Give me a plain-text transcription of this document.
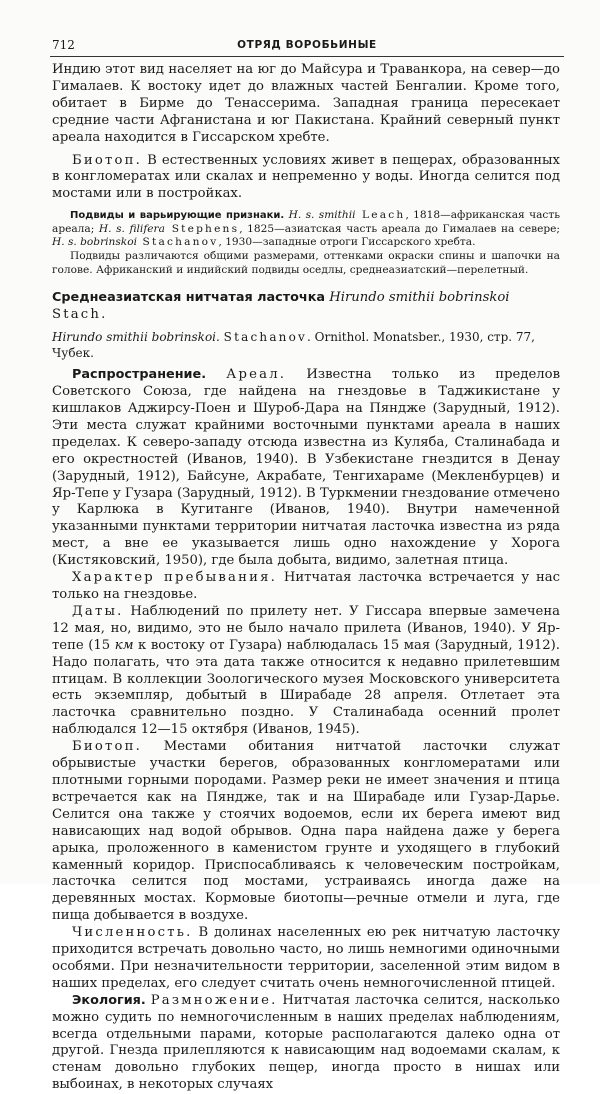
712	ОТРЯД ВОРОБЬИНЫЕ

Индию этот вид населяет на юг до Майсура и Траванкора, на север—до Гималаев. К востоку идет до влажных частей Бенгалии. Кроме того, обитает в Бирме до Тенассерима. Западная граница пересекает средние части Афганистана и юг Пакистана. Крайний северный пункт ареала находится в Гиссарском хребте.

Биотоп. В естественных условиях живет в пещерах, образованных в конгломератах или скалах и непременно у воды. Иногда селится под мостами или в постройках.

Подвиды и варьирующие признаки. H. s. smithii Leach, 1818—африканская часть ареала; H. s. filifera Stephens, 1825—азиатская часть ареала до Гималаев на севере; H. s. bobrinskoi Stachanov, 1930—западные отроги Гиссарского хребта.

Подвиды различаются общими размерами, оттенками окраски спины и шапочки на голове. Африканский и индийский подвиды оседлы, среднеазиатский—перелетный.

Среднеазиатская нитчатая ласточка Hirundo smithii bobrinskoi Stach.

Hirundo smithii bobrinskoi. Stachanov. Ornithol. Monatsber., 1930, стр. 77, Чубек.

Распространение. Ареал. Известна только из пределов Советского Союза, где найдена на гнездовье в Таджикистане у кишлаков Аджирсу-Поен и Шуроб-Дара на Пяндже (Зарудный, 1912). Эти места служат крайними восточными пунктами ареала в наших пределах. К северо-западу отсюда известна из Куляба, Сталинабада и его окрестностей (Иванов, 1940). В Узбекистане гнездится в Денау (Зарудный, 1912), Байсуне, Акрабате, Тенгихараме (Мекленбурцев) и Яр-Тепе у Гузара (Зарудный, 1912). В Туркмении гнездование отмечено у Карлюка в Кугитанге (Иванов, 1940). Внутри намеченной указанными пунктами территории нитчатая ласточка известна из ряда мест, а вне ее указывается лишь одно нахождение у Хорога (Кистяковский, 1950), где была добыта, видимо, залетная птица.

Характер пребывания. Нитчатая ласточка встречается у нас только на гнездовье.

Даты. Наблюдений по прилету нет. У Гиссара впервые замечена 12 мая, но, видимо, это не было начало прилета (Иванов, 1940). У Яр-тепе (15 км к востоку от Гузара) наблюдалась 15 мая (Зарудный, 1912). Надо полагать, что эта дата также относится к недавно прилетевшим птицам. В коллекции Зоологического музея Московского университета есть экземпляр, добытый в Ширабаде 28 апреля. Отлетает эта ласточка сравнительно поздно. У Сталинабада осенний пролет наблюдался 12—15 октября (Иванов, 1945).

Биотоп. Местами обитания нитчатой ласточки служат обрывистые участки берегов, образованных конгломератами или плотными горными породами. Размер реки не имеет значения и птица встречается как на Пяндже, так и на Ширабаде или Гузар-Дарье. Селится она также у стоячих водоемов, если их берега имеют вид нависающих над водой обрывов. Одна пара найдена даже у берега арыка, проложенного в каменистом грунте и уходящего в глубокий каменный коридор. Приспосабливаясь к человеческим постройкам, ласточка селится под мостами, устраиваясь иногда даже на деревянных мостах. Кормовые биотопы—речные отмели и луга, где пища добывается в воздухе.

Численность. В долинах населенных ею рек нитчатую ласточку приходится встречать довольно часто, но лишь немногими одиночными особями. При незначительности территории, заселенной этим видом в наших пределах, его следует считать очень немногочисленной птицей.

Экология. Размножение. Нитчатая ласточка селится, насколько можно судить по немногочисленным в наших пределах наблюдениям, всегда отдельными парами, которые располагаются далеко одна от другой. Гнезда прилепляются к нависающим над водоемами скалам, к стенам довольно глубоких пещер, иногда просто в нишах или выбоинах, в некоторых случаях
